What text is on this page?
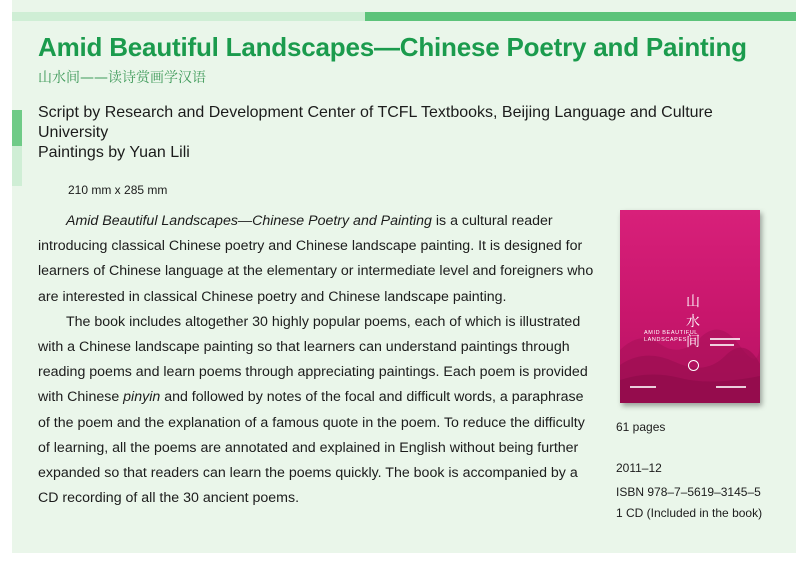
Amid Beautiful Landscapes—Chinese Poetry and Painting

山水间——读诗赏画学汉语

Script by Research and Development Center of TCFL Textbooks, Beijing Language and Culture
University
Paintings by Yuan Lili
210 mm x 285 mm

Amid Beautiful Landscapes—Chinese Poetry and Painting is a cultural reader introducing classical Chinese poetry and Chinese landscape painting. It is designed for learners of Chinese language at the elementary or intermediate level and foreigners who are interested in classical Chinese poetry and Chinese landscape painting.

The book includes altogether 30 highly popular poems, each of which is illustrated with a Chinese landscape painting so that learners can understand paintings through reading poems and learn poems through appreciating paintings. Each poem is provided with Chinese pinyin and followed by notes of the focal and difficult words, a paraphrase of the poem and the explanation of a famous quote in the poem. To reduce the difficulty of learning, all the poems are annotated and explained in English without being further expanded so that readers can learn the poems quickly. The book is accompanied by a CD recording of all the 30 ancient poems.

山
水
间
AMID BEAUTIFUL LANDSCAPES
61 pages
2011–12
ISBN 978–7–5619–3145–5
1 CD (Included in the book)
